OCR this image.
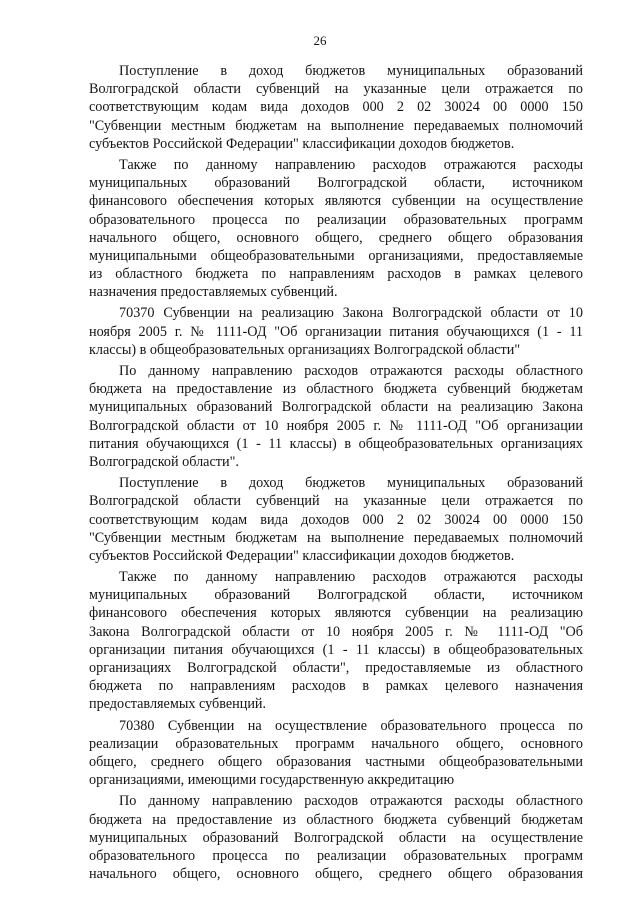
26
Поступление в доход бюджетов муниципальных образований
Волгоградской области субвенций на указанные цели отражается по
соответствующим кодам вида доходов 000 2 02 30024 00 0000 150
"Субвенции местным бюджетам на выполнение передаваемых полномочий
субъектов Российской Федерации" классификации доходов бюджетов.
Также по данному направлению расходов отражаются расходы
муниципальных образований Волгоградской области, источником
финансового обеспечения которых являются субвенции на осуществление
образовательного процесса по реализации образовательных программ
начального общего, основного общего, среднего общего образования
муниципальными общеобразовательными организациями, предоставляемые
из областного бюджета по направлениям расходов в рамках целевого
назначения предоставляемых субвенций.
70370 Субвенции на реализацию Закона Волгоградской области от 10
ноября 2005 г. № 1111-ОД "Об организации питания обучающихся (1 - 11
классы) в общеобразовательных организациях Волгоградской области"
По данному направлению расходов отражаются расходы областного
бюджета на предоставление из областного бюджета субвенций бюджетам
муниципальных образований Волгоградской области на реализацию Закона
Волгоградской области от 10 ноября 2005 г. № 1111-ОД "Об организации
питания обучающихся (1 - 11 классы) в общеобразовательных организациях
Волгоградской области".
Поступление в доход бюджетов муниципальных образований
Волгоградской области субвенций на указанные цели отражается по
соответствующим кодам вида доходов 000 2 02 30024 00 0000 150
"Субвенции местным бюджетам на выполнение передаваемых полномочий
субъектов Российской Федерации" классификации доходов бюджетов.
Также по данному направлению расходов отражаются расходы
муниципальных образований Волгоградской области, источником
финансового обеспечения которых являются субвенции на реализацию
Закона Волгоградской области от 10 ноября 2005 г. № 1111-ОД "Об
организации питания обучающихся (1 - 11 классы) в общеобразовательных
организациях Волгоградской области", предоставляемые из областного
бюджета по направлениям расходов в рамках целевого назначения
предоставляемых субвенций.
70380 Субвенции на осуществление образовательного процесса по
реализации образовательных программ начального общего, основного
общего, среднего общего образования частными общеобразовательными
организациями, имеющими государственную аккредитацию
По данному направлению расходов отражаются расходы областного
бюджета на предоставление из областного бюджета субвенций бюджетам
муниципальных образований Волгоградской области на осуществление
образовательного процесса по реализации образовательных программ
начального общего, основного общего, среднего общего образования
